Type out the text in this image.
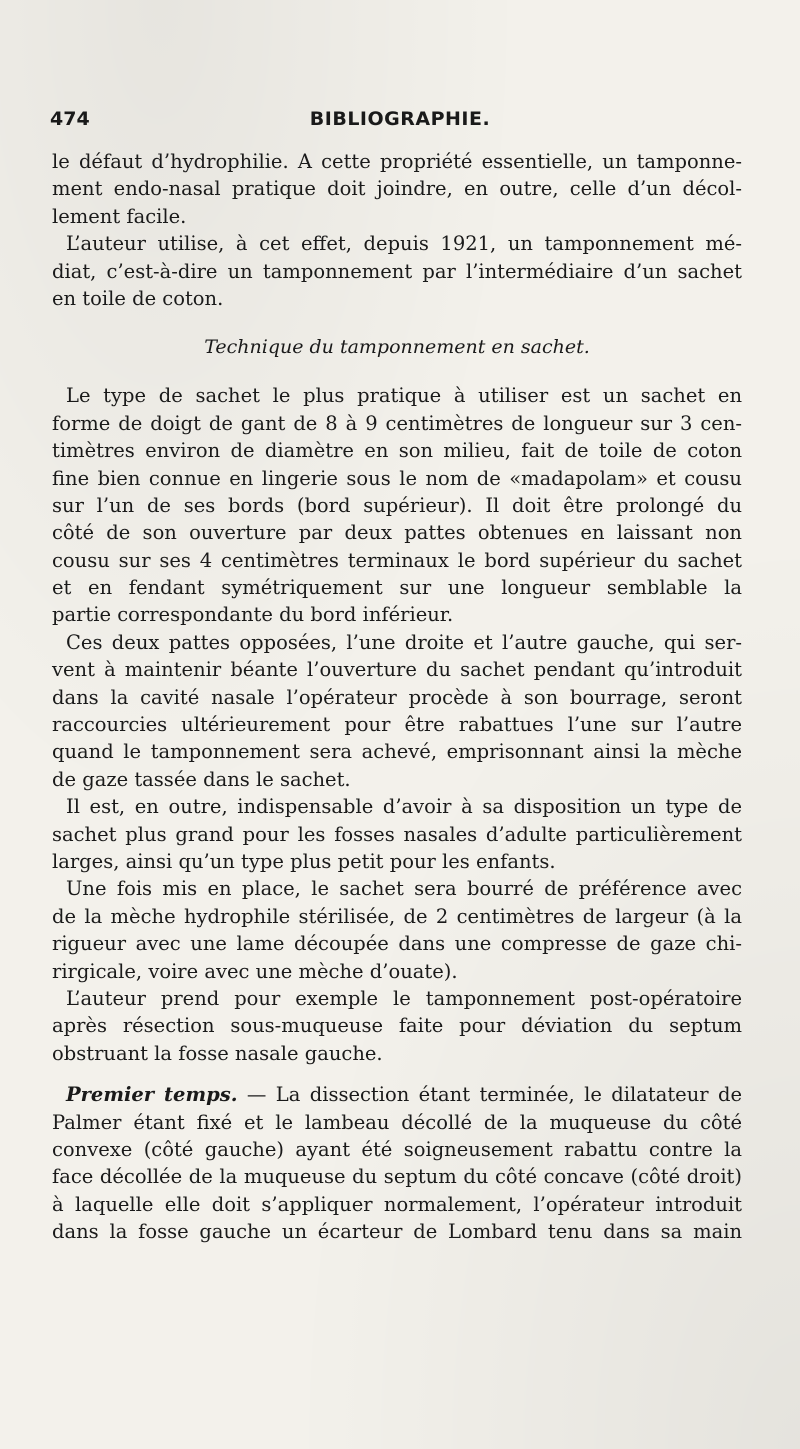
474	BIBLIOGRAPHIE.
le défaut d’hydrophilie. A cette propriété essentielle, un tamponne-
ment endo-nasal pratique doit joindre, en outre, celle d’un décol-
lement facile.
L’auteur utilise, à cet effet, depuis 1921, un tamponnement mé-
diat, c’est-à-dire un tamponnement par l’intermédiaire d’un sachet
en toile de coton.
Technique du tamponnement en sachet.
Le type de sachet le plus pratique à utiliser est un sachet en
forme de doigt de gant de 8 à 9 centimètres de longueur sur 3 cen-
timètres environ de diamètre en son milieu, fait de toile de coton
fine bien connue en lingerie sous le nom de «madapolam» et cousu
sur l’un de ses bords (bord supérieur). Il doit être prolongé du
côté de son ouverture par deux pattes obtenues en laissant non
cousu sur ses 4 centimètres terminaux le bord supérieur du sachet
et en fendant symétriquement sur une longueur semblable la
partie correspondante du bord inférieur.
Ces deux pattes opposées, l’une droite et l’autre gauche, qui ser-
vent à maintenir béante l’ouverture du sachet pendant qu’introduit
dans la cavité nasale l’opérateur procède à son bourrage, seront
raccourcies ultérieurement pour être rabattues l’une sur l’autre
quand le tamponnement sera achevé, emprisonnant ainsi la mèche
de gaze tassée dans le sachet.
Il est, en outre, indispensable d’avoir à sa disposition un type de
sachet plus grand pour les fosses nasales d’adulte particulièrement
larges, ainsi qu’un type plus petit pour les enfants.
Une fois mis en place, le sachet sera bourré de préférence avec
de la mèche hydrophile stérilisée, de 2 centimètres de largeur (à la
rigueur avec une lame découpée dans une compresse de gaze chi-
rirgicale, voire avec une mèche d’ouate).
L’auteur prend pour exemple le tamponnement post-opératoire
après résection sous-muqueuse faite pour déviation du septum
obstruant la fosse nasale gauche.
Premier temps. — La dissection étant terminée, le dilatateur de
Palmer étant fixé et le lambeau décollé de la muqueuse du côté
convexe (côté gauche) ayant été soigneusement rabattu contre la
face décollée de la muqueuse du septum du côté concave (côté droit)
à laquelle elle doit s’appliquer normalement, l’opérateur introduit
dans la fosse gauche un écarteur de Lombard tenu dans sa main
